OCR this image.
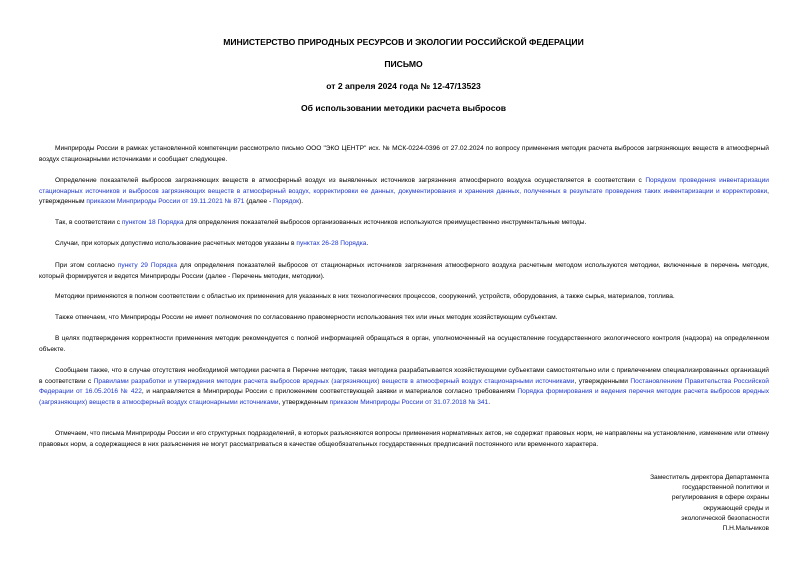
МИНИСТЕРСТВО ПРИРОДНЫХ РЕСУРСОВ И ЭКОЛОГИИ РОССИЙСКОЙ ФЕДЕРАЦИИ
ПИСЬМО
от 2 апреля 2024 года № 12-47/13523
Об использовании методики расчета выбросов

Минприроды России в рамках установленной компетенции рассмотрело письмо ООО "ЭКО ЦЕНТР" исх. № МСК-0224-0396 от 27.02.2024 по вопросу применения методик расчета выбросов загрязняющих веществ в атмосферный воздух стационарными источниками и сообщает следующее.

Определение показателей выбросов загрязняющих веществ в атмосферный воздух из выявленных источников загрязнения атмосферного воздуха осуществляется в соответствии с Порядком проведения инвентаризации стационарных источников и выбросов загрязняющих веществ в атмосферный воздух, корректировки ее данных, документирования и хранения данных, полученных в результате проведения таких инвентаризации и корректировки, утвержденным приказом Минприроды России от 19.11.2021 № 871 (далее - Порядок).

Так, в соответствии с пунктом 18 Порядка для определения показателей выбросов организованных источников используются преимущественно инструментальные методы.

Случаи, при которых допустимо использование расчетных методов указаны в пунктах 26-28 Порядка.

При этом согласно пункту 29 Порядка для определения показателей выбросов от стационарных источников загрязнения атмосферного воздуха расчетным методом используются методики, включенные в перечень методик, который формируется и ведется Минприроды России (далее - Перечень методик, методики).

Методики применяются в полном соответствии с областью их применения для указанных в них технологических процессов, сооружений, устройств, оборудования, а также сырья, материалов, топлива.

Также отмечаем, что Минприроды России не имеет полномочия по согласованию правомерности использования тех или иных методик хозяйствующим субъектам.

В целях подтверждения корректности применения методик рекомендуется с полной информацией обращаться в орган, уполномоченный на осуществление государственного экологического контроля (надзора) на определенном объекте.

Сообщаем также, что в случае отсутствия необходимой методики расчета в Перечне методик, такая методика разрабатывается хозяйствующими субъектами самостоятельно или с привлечением специализированных организаций в соответствии с Правилами разработки и утверждения методик расчета выбросов вредных (загрязняющих) веществ в атмосферный воздух стационарными источниками, утвержденными Постановлением Правительства Российской Федерации от 16.05.2016 № 422, и направляется в Минприроды России с приложением соответствующей заявки и материалов согласно требованиям Порядка формирования и ведения перечня методик расчета выбросов вредных (загрязняющих) веществ в атмосферный воздух стационарными источниками, утвержденным приказом Минприроды России от 31.07.2018 № 341.

Отмечаем, что письма Минприроды России и его структурных подразделений, в которых разъясняются вопросы применения нормативных актов, не содержат правовых норм, не направлены на установление, изменение или отмену правовых норм, а содержащиеся в них разъяснения не могут рассматриваться в качестве общеобязательных государственных предписаний постоянного или временного характера.

Заместитель директора Департамента
государственной политики и
регулирования в сфере охраны
окружающей среды и
экологической безопасности
П.Н.Мальчиков
